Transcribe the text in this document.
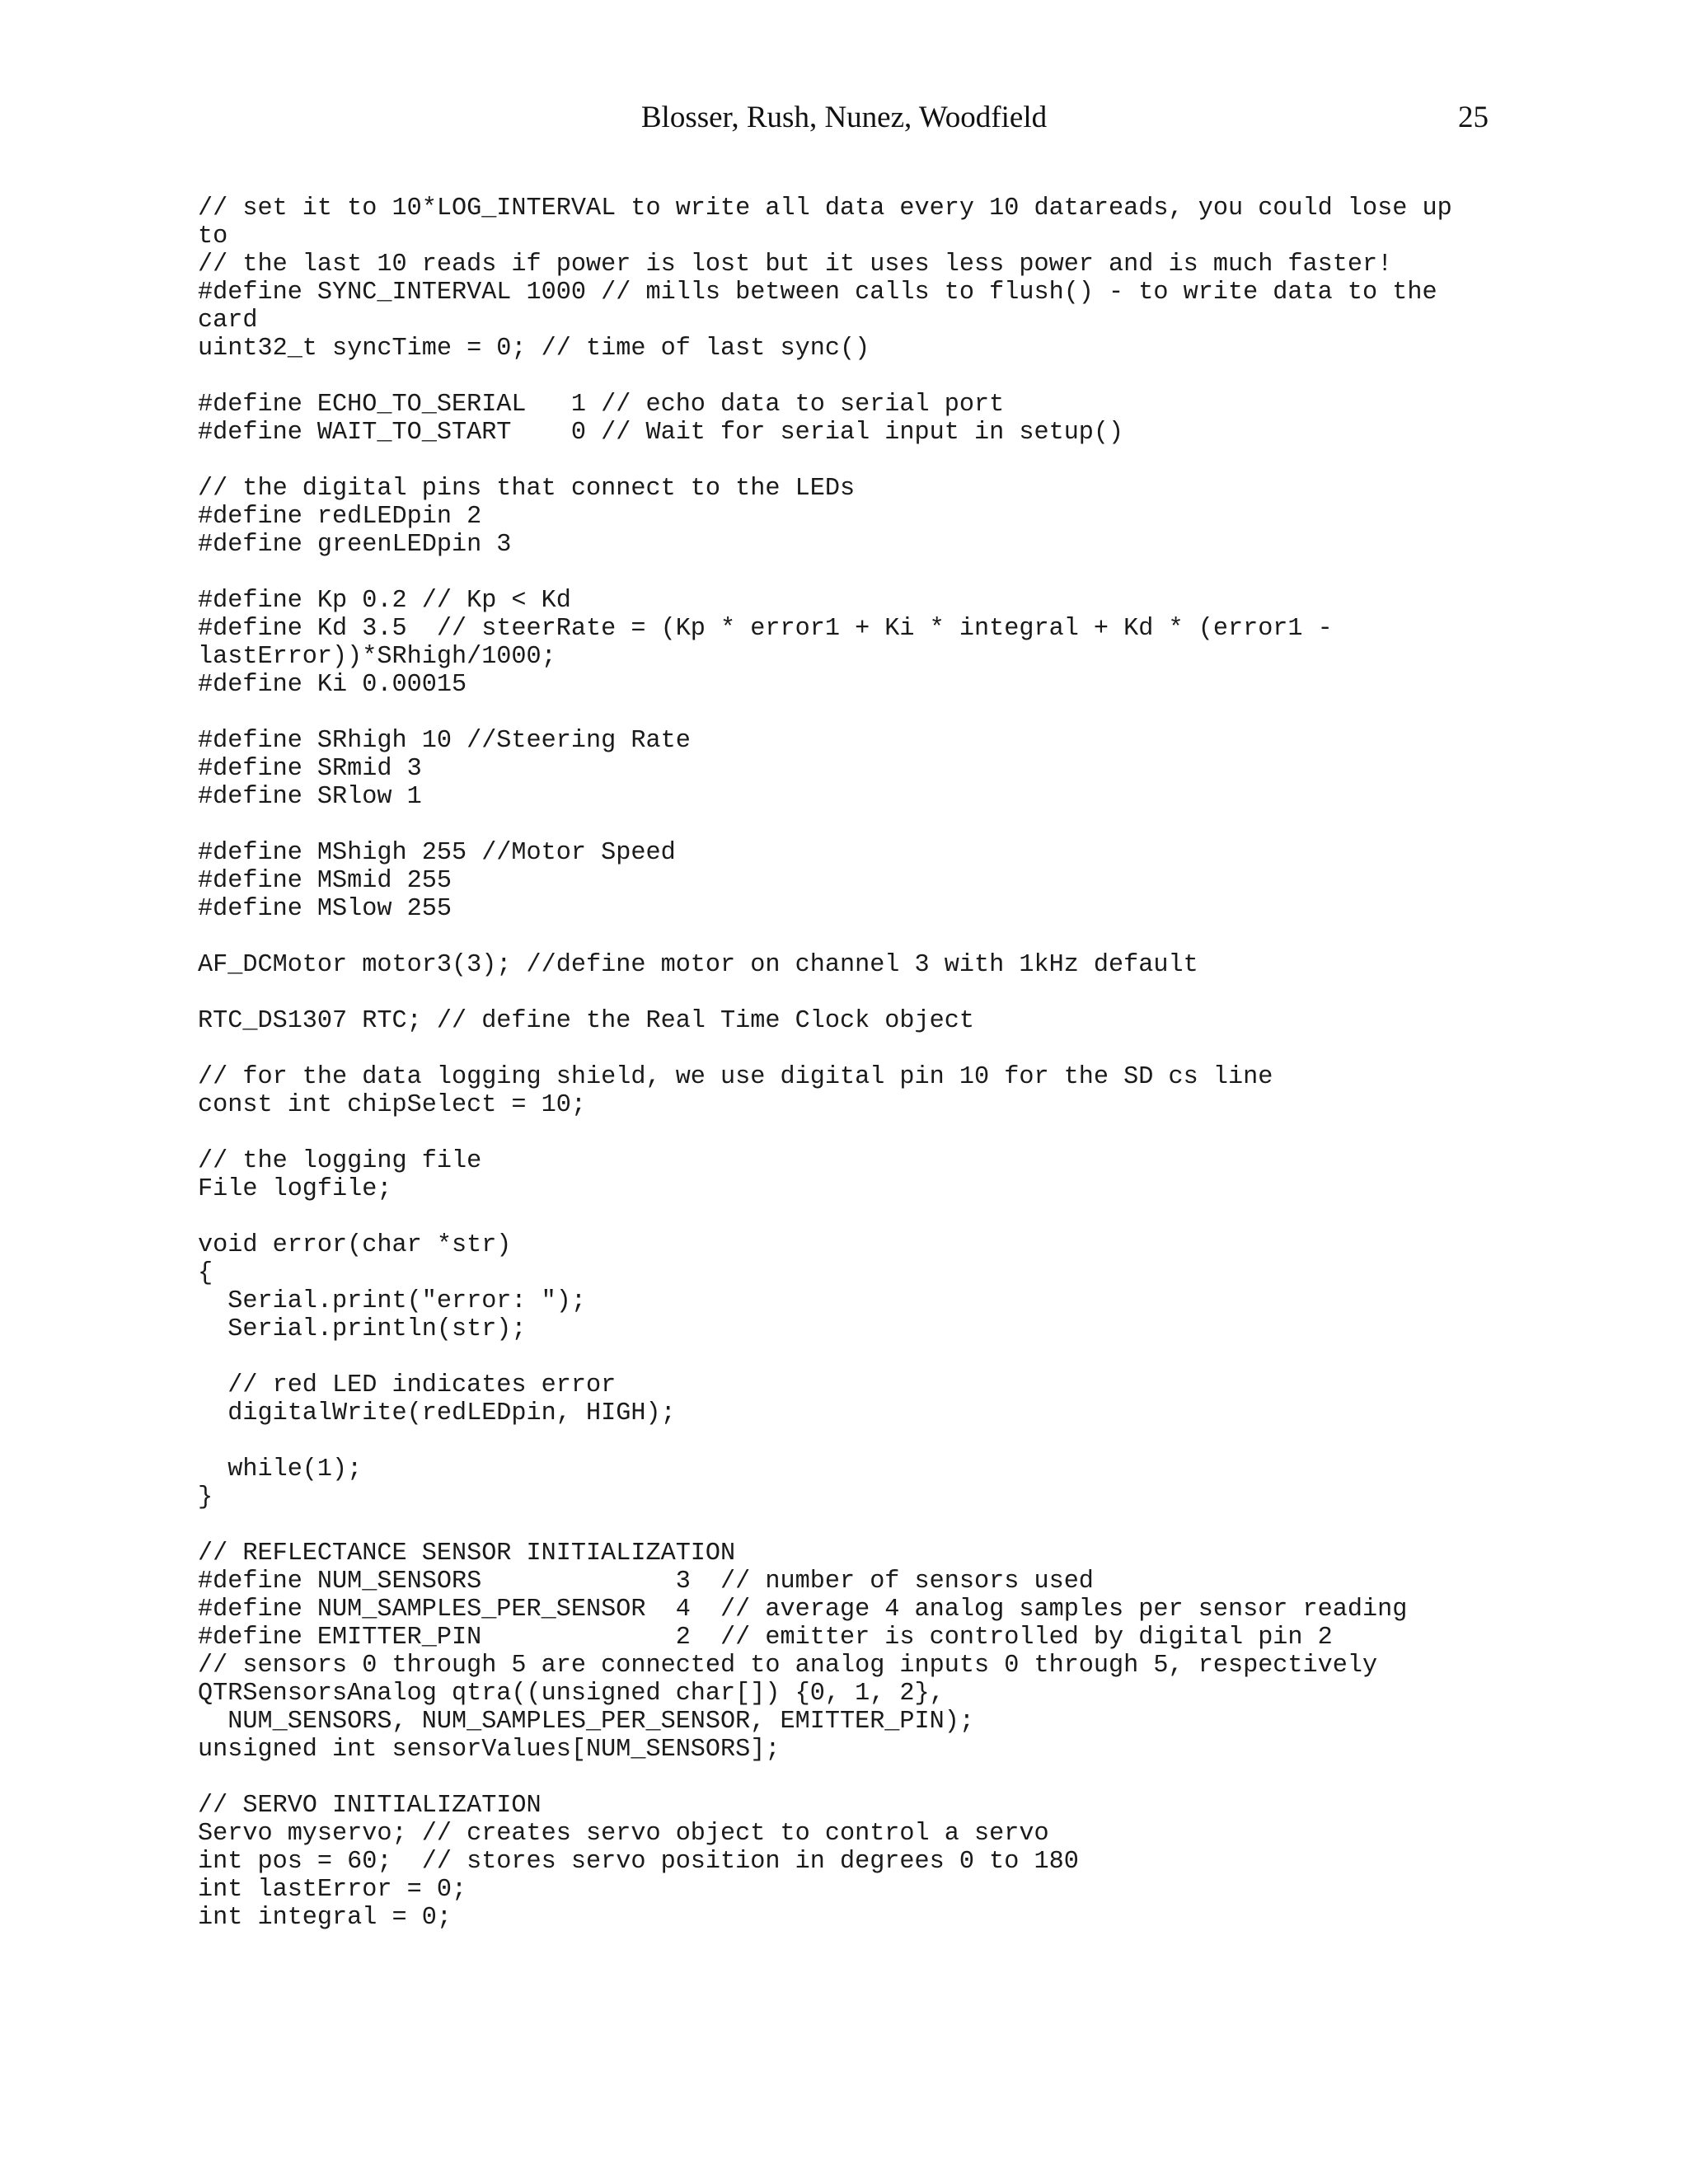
Blosser, Rush, Nunez, Woodfield	25
// set it to 10*LOG_INTERVAL to write all data every 10 datareads, you could lose up
to
// the last 10 reads if power is lost but it uses less power and is much faster!
#define SYNC_INTERVAL 1000 // mills between calls to flush() - to write data to the
card
uint32_t syncTime = 0; // time of last sync()
#define ECHO_TO_SERIAL   1 // echo data to serial port
#define WAIT_TO_START    0 // Wait for serial input in setup()
// the digital pins that connect to the LEDs
#define redLEDpin 2
#define greenLEDpin 3
#define Kp 0.2 // Kp < Kd
#define Kd 3.5  // steerRate = (Kp * error1 + Ki * integral + Kd * (error1 -
lastError))*SRhigh/1000;
#define Ki 0.00015
#define SRhigh 10 //Steering Rate
#define SRmid 3
#define SRlow 1
#define MShigh 255 //Motor Speed
#define MSmid 255
#define MSlow 255
AF_DCMotor motor3(3); //define motor on channel 3 with 1kHz default
RTC_DS1307 RTC; // define the Real Time Clock object
// for the data logging shield, we use digital pin 10 for the SD cs line
const int chipSelect = 10;
// the logging file
File logfile;
void error(char *str)
{
Serial.print("error: ");
Serial.println(str);
// red LED indicates error
digitalWrite(redLEDpin, HIGH);
while(1);
}
// REFLECTANCE SENSOR INITIALIZATION
#define NUM_SENSORS             3  // number of sensors used
#define NUM_SAMPLES_PER_SENSOR  4  // average 4 analog samples per sensor reading
#define EMITTER_PIN             2  // emitter is controlled by digital pin 2
// sensors 0 through 5 are connected to analog inputs 0 through 5, respectively
QTRSensorsAnalog qtra((unsigned char[]) {0, 1, 2},
NUM_SENSORS, NUM_SAMPLES_PER_SENSOR, EMITTER_PIN);
unsigned int sensorValues[NUM_SENSORS];
// SERVO INITIALIZATION
Servo myservo; // creates servo object to control a servo
int pos = 60;  // stores servo position in degrees 0 to 180
int lastError = 0;
int integral = 0;
